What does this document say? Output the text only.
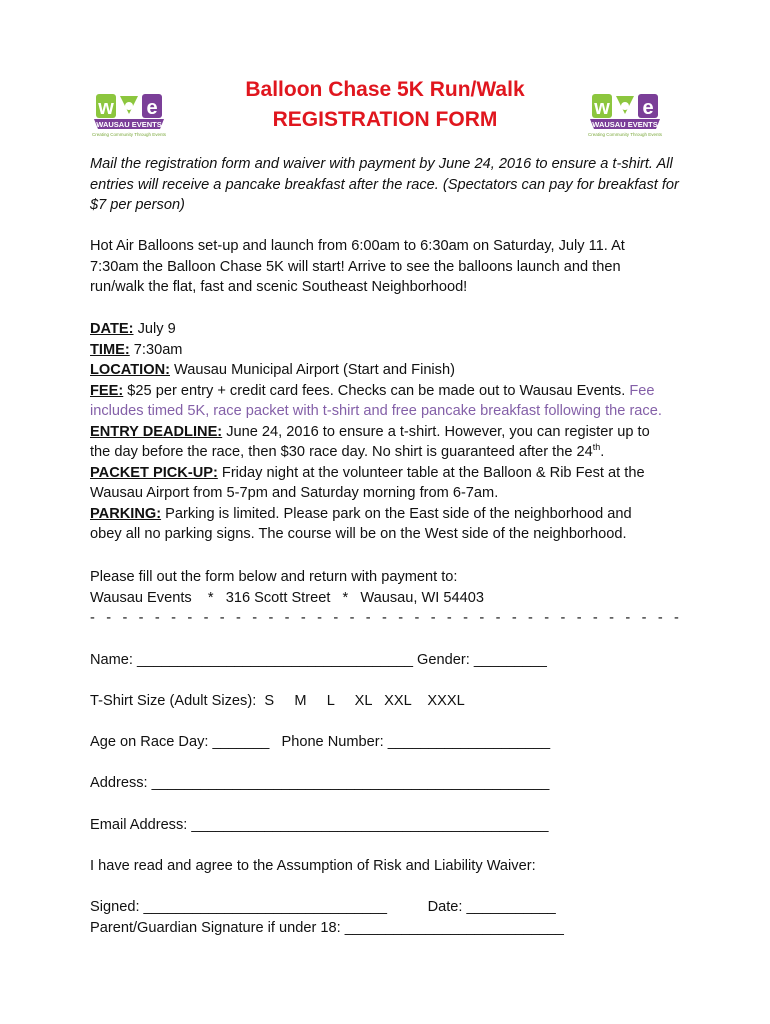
Balloon Chase 5K Run/Walk
REGISTRATION FORM
w e
WAUSAU EVENTS
Creating Community Through Events
w e
WAUSAU EVENTS
Creating Community Through Events
Mail the registration form and waiver with payment by June 24, 2016 to ensure a t-shirt. All
entries will receive a pancake breakfast after the race. (Spectators can pay for breakfast for
$7 per person)
Hot Air Balloons set-up and launch from 6:00am to 6:30am on Saturday, July 11. At
7:30am the Balloon Chase 5K will start! Arrive to see the balloons launch and then
run/walk the flat, fast and scenic Southeast Neighborhood!
DATE: July 9
TIME: 7:30am
LOCATION: Wausau Municipal Airport (Start and Finish)
FEE: $25 per entry + credit card fees. Checks can be made out to Wausau Events. Fee
includes timed 5K, race packet with t-shirt and free pancake breakfast following the race.
ENTRY DEADLINE: June 24, 2016 to ensure a t-shirt. However, you can register up to
the day before the race, then $30 race day. No shirt is guaranteed after the 24th.
PACKET PICK-UP: Friday night at the volunteer table at the Balloon & Rib Fest at the
Wausau Airport from 5-7pm and Saturday morning from 6-7am.
PARKING: Parking is limited. Please park on the East side of the neighborhood and
obey all no parking signs. The course will be on the West side of the neighborhood.
Please fill out the form below and return with payment to:
Wausau Events    *   316 Scott Street   *   Wausau, WI 54403
-   -   -   -   -   -   -   -   -   -   -   -   -   -   -   -   -   -   -   -   -   -   -   -   -   -   -   -   -   -   -   -   -   -   -   -   -
Name: __________________________________ Gender: _________
T-Shirt Size (Adult Sizes):  S     M     L     XL   XXL    XXXL
Age on Race Day: _______   Phone Number: ____________________
Address: _________________________________________________
Email Address: ____________________________________________
I have read and agree to the Assumption of Risk and Liability Waiver:
Signed: ______________________________          Date: ___________
Parent/Guardian Signature if under 18: ___________________________
